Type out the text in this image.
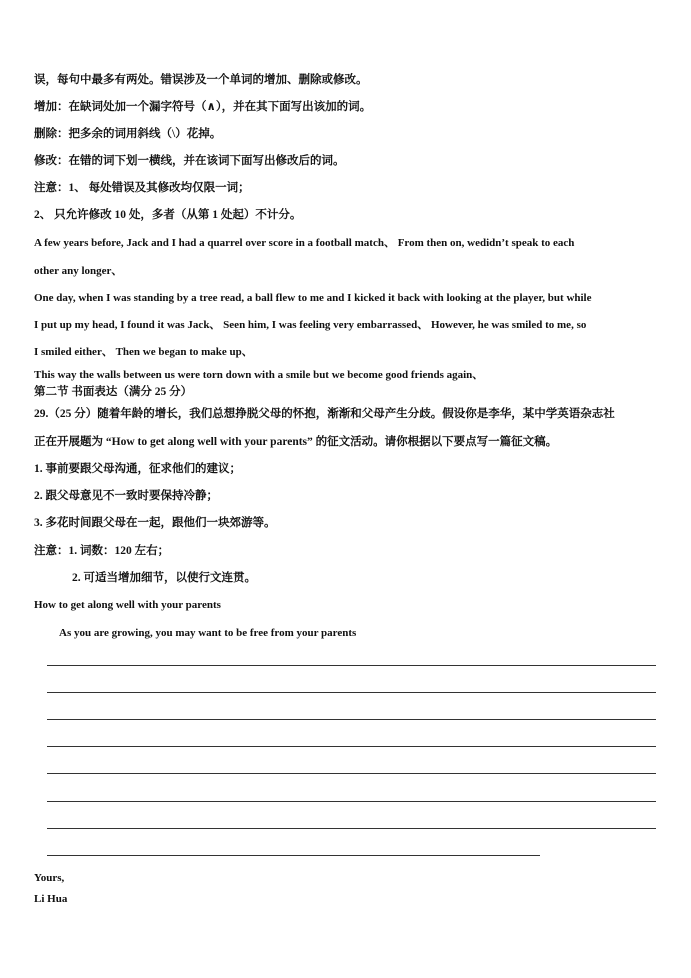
误，每句中最多有两处。错误涉及一个单词的增加、删除或修改。
增加：在缺词处加一个漏字符号（∧），并在其下面写出该加的词。
删除：把多余的词用斜线（\）花掉。
修改：在错的词下划一横线，并在该词下面写出修改后的词。
注意：1、 每处错误及其修改均仅限一词；
2、 只允许修改 10 处，多者（从第 1 处起）不计分。
A few years before, Jack and I had a quarrel over score in a football match、 From then on, wedidn’t speak to each
other any longer、
One day, when I was standing by a tree read, a ball flew to me and I kicked it back with looking at the player, but while
I put up my head, I found it was Jack、 Seen him, I was feeling very embarrassed、 However, he was smiled to me, so
I smiled either、 Then we began to make up、
This way the walls between us were torn down with a smile but we become good friends again、
第二节 书面表达（满分 25 分）
29.（25 分）随着年龄的增长，我们总想挣脱父母的怀抱，渐渐和父母产生分歧。假设你是李华，某中学英语杂志社
正在开展题为 “How to get along well with your parents” 的征文活动。请你根据以下要点写一篇征文稿。
1. 事前要跟父母沟通，征求他们的建议；
2. 跟父母意见不一致时要保持冷静；
3. 多花时间跟父母在一起，跟他们一块郊游等。
注意：1. 词数：120 左右；
2. 可适当增加细节，以使行文连贯。
How to get along well with your parents
As you are growing, you may want to be free from your parents
Yours,
Li Hua
